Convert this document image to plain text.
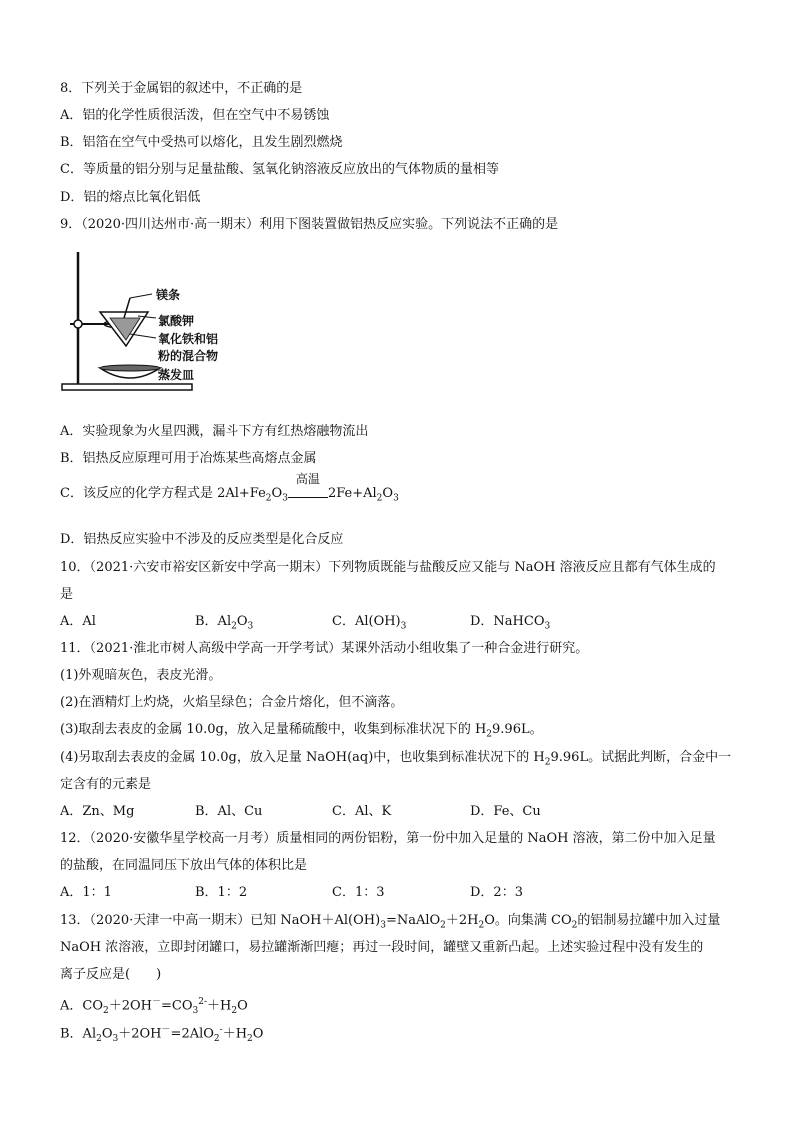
8．下列关于金属铝的叙述中，不正确的是
A．铝的化学性质很活泼，但在空气中不易锈蚀
B．铝箔在空气中受热可以熔化，且发生剧烈燃烧
C．等质量的铝分别与足量盐酸、氢氧化钠溶液反应放出的气体物质的量相等
D．铝的熔点比氧化铝低
9．（2020·四川达州市·高一期末）利用下图装置做铝热反应实验。下列说法不正确的是
镁条
氯酸钾
氧化铁和铝
粉的混合物
蒸发皿
A．实验现象为火星四溅，漏斗下方有红热熔融物流出
B．铝热反应原理可用于冶炼某些高熔点金属
C．该反应的化学方程式是 $2Al+Fe_2O_3$
高温
$2Fe+Al_2O_3$
D．铝热反应实验中不涉及的反应类型是化合反应
10．（2021·六安市裕安区新安中学高一期末）下列物质既能与盐酸反应又能与 NaOH 溶液反应且都有气体生成的
是
A．Al	B．$Al_2O_3$	C．$Al(OH)_3$	D．NaHCO$_3$
11．（2021·淮北市树人高级中学高一开学考试）某课外活动小组收集了一种合金进行研究。
(1)外观暗灰色，表皮光滑。
(2)在酒精灯上灼烧，火焰呈绿色；合金片熔化，但不滴落。
(3)取刮去表皮的金属 10.0g，放入足量稀硫酸中，收集到标准状况下的 $H_29.96L$。
(4)另取刮去表皮的金属 10.0g，放入足量 NaOH(aq)中，也收集到标准状况下的 $H_29.96L$。试据此判断，合金中一
定含有的元素是
A．Zn、Mg	B．Al、Cu	C．Al、K	D．Fe、Cu
12．（2020·安徽华星学校高一月考）质量相同的两份铝粉，第一份中加入足量的 NaOH 溶液，第二份中加入足量
的盐酸，在同温同压下放出气体的体积比是
A．1：1	B．1：2	C．1：3	D．2：3
13．（2020·天津一中高一期末）已知 $NaOH+Al(OH)_3=NaAlO_2+2H_2O$。向集满 $CO_2$的铝制易拉罐中加入过量
NaOH 浓溶液，立即封闭罐口，易拉罐渐渐凹瘪；再过一段时间，罐壁又重新凸起。上述实验过程中没有发生的
离子反应是(　　)
A．$CO_2+2OH^-=CO_3^{2-}+H_2O$
B．$Al_2O_3+2OH^-=2AlO_2^-+H_2O$
